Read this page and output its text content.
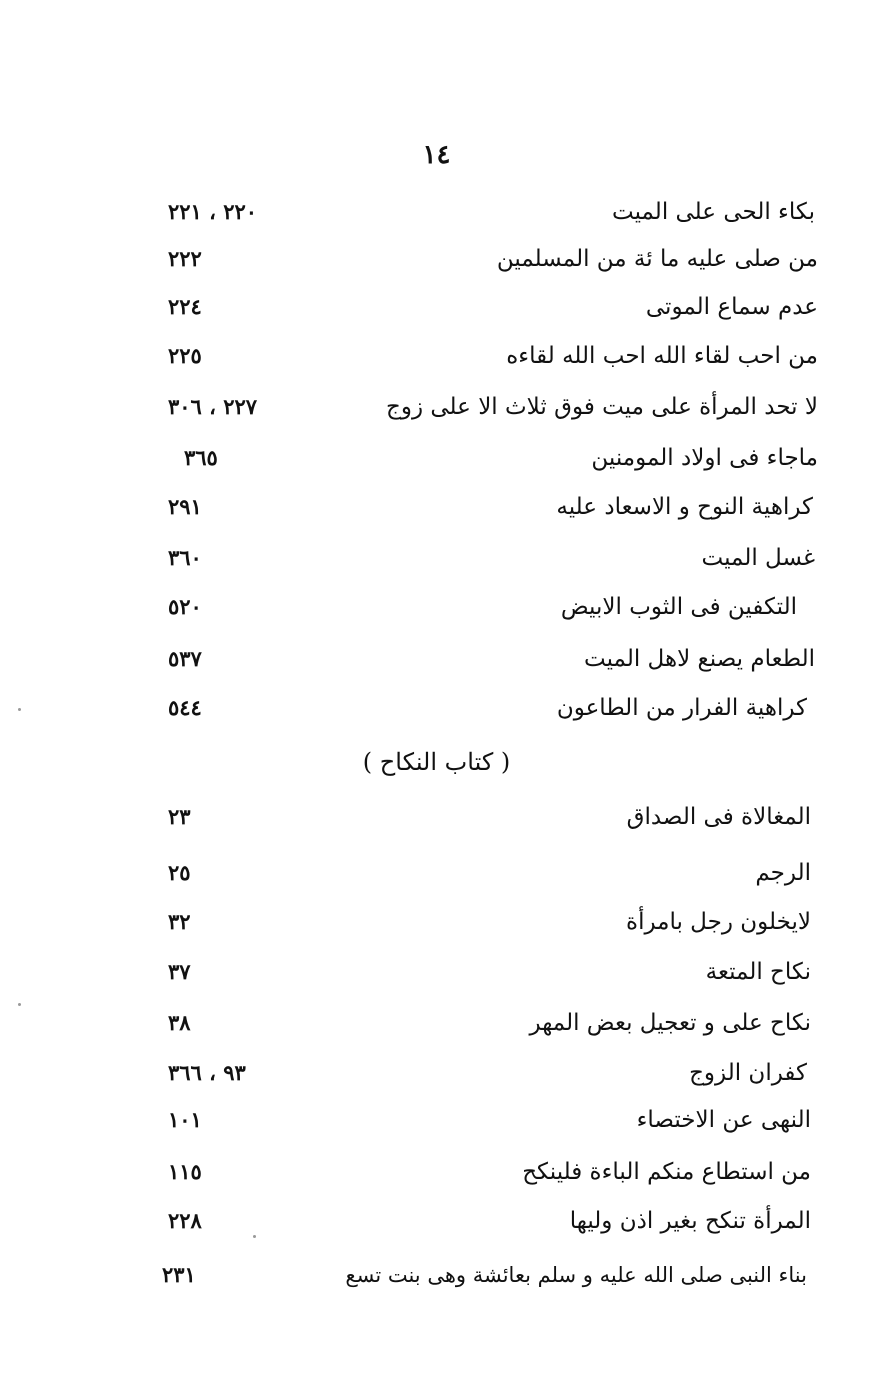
١٤
بكاء الحى على الميت
٢٢٠ ، ٢٢١
من صلى عليه ما ئة من المسلمين
٢٢٢
عدم سماع الموتى
٢٢٤
من احب لقاء الله احب الله لقاءه
٢٢٥
لا تحد المرأة على ميت فوق ثلاث الا على زوج
٢٢٧ ، ٣٠٦
ماجاء فى اولاد المومنين
٣٦٥
كراهية النوح و الاسعاد عليه
٢٩١
غسل الميت
٣٦٠
التكفين فى الثوب الابيض
٥٢٠
الطعام يصنع لاهل الميت
٥٣٧
كراهية الفرار من الطاعون
٥٤٤
( كتاب النكاح )
المغالاة فى الصداق
٢٣
الرجم
٢٥
لايخلون رجل بامرأة
٣٢
نكاح المتعة
٣٧
نكاح على و تعجيل بعض المهر
٣٨
كفران الزوج
٩٣ ، ٣٦٦
النهى عن الاختصاء
١٠١
من استطاع منكم الباءة فلينكح
١١٥
المرأة تنكح بغير اذن وليها
٢٢٨
بناء النبى صلى الله عليه و سلم بعائشة وهى بنت تسع
٢٣١
